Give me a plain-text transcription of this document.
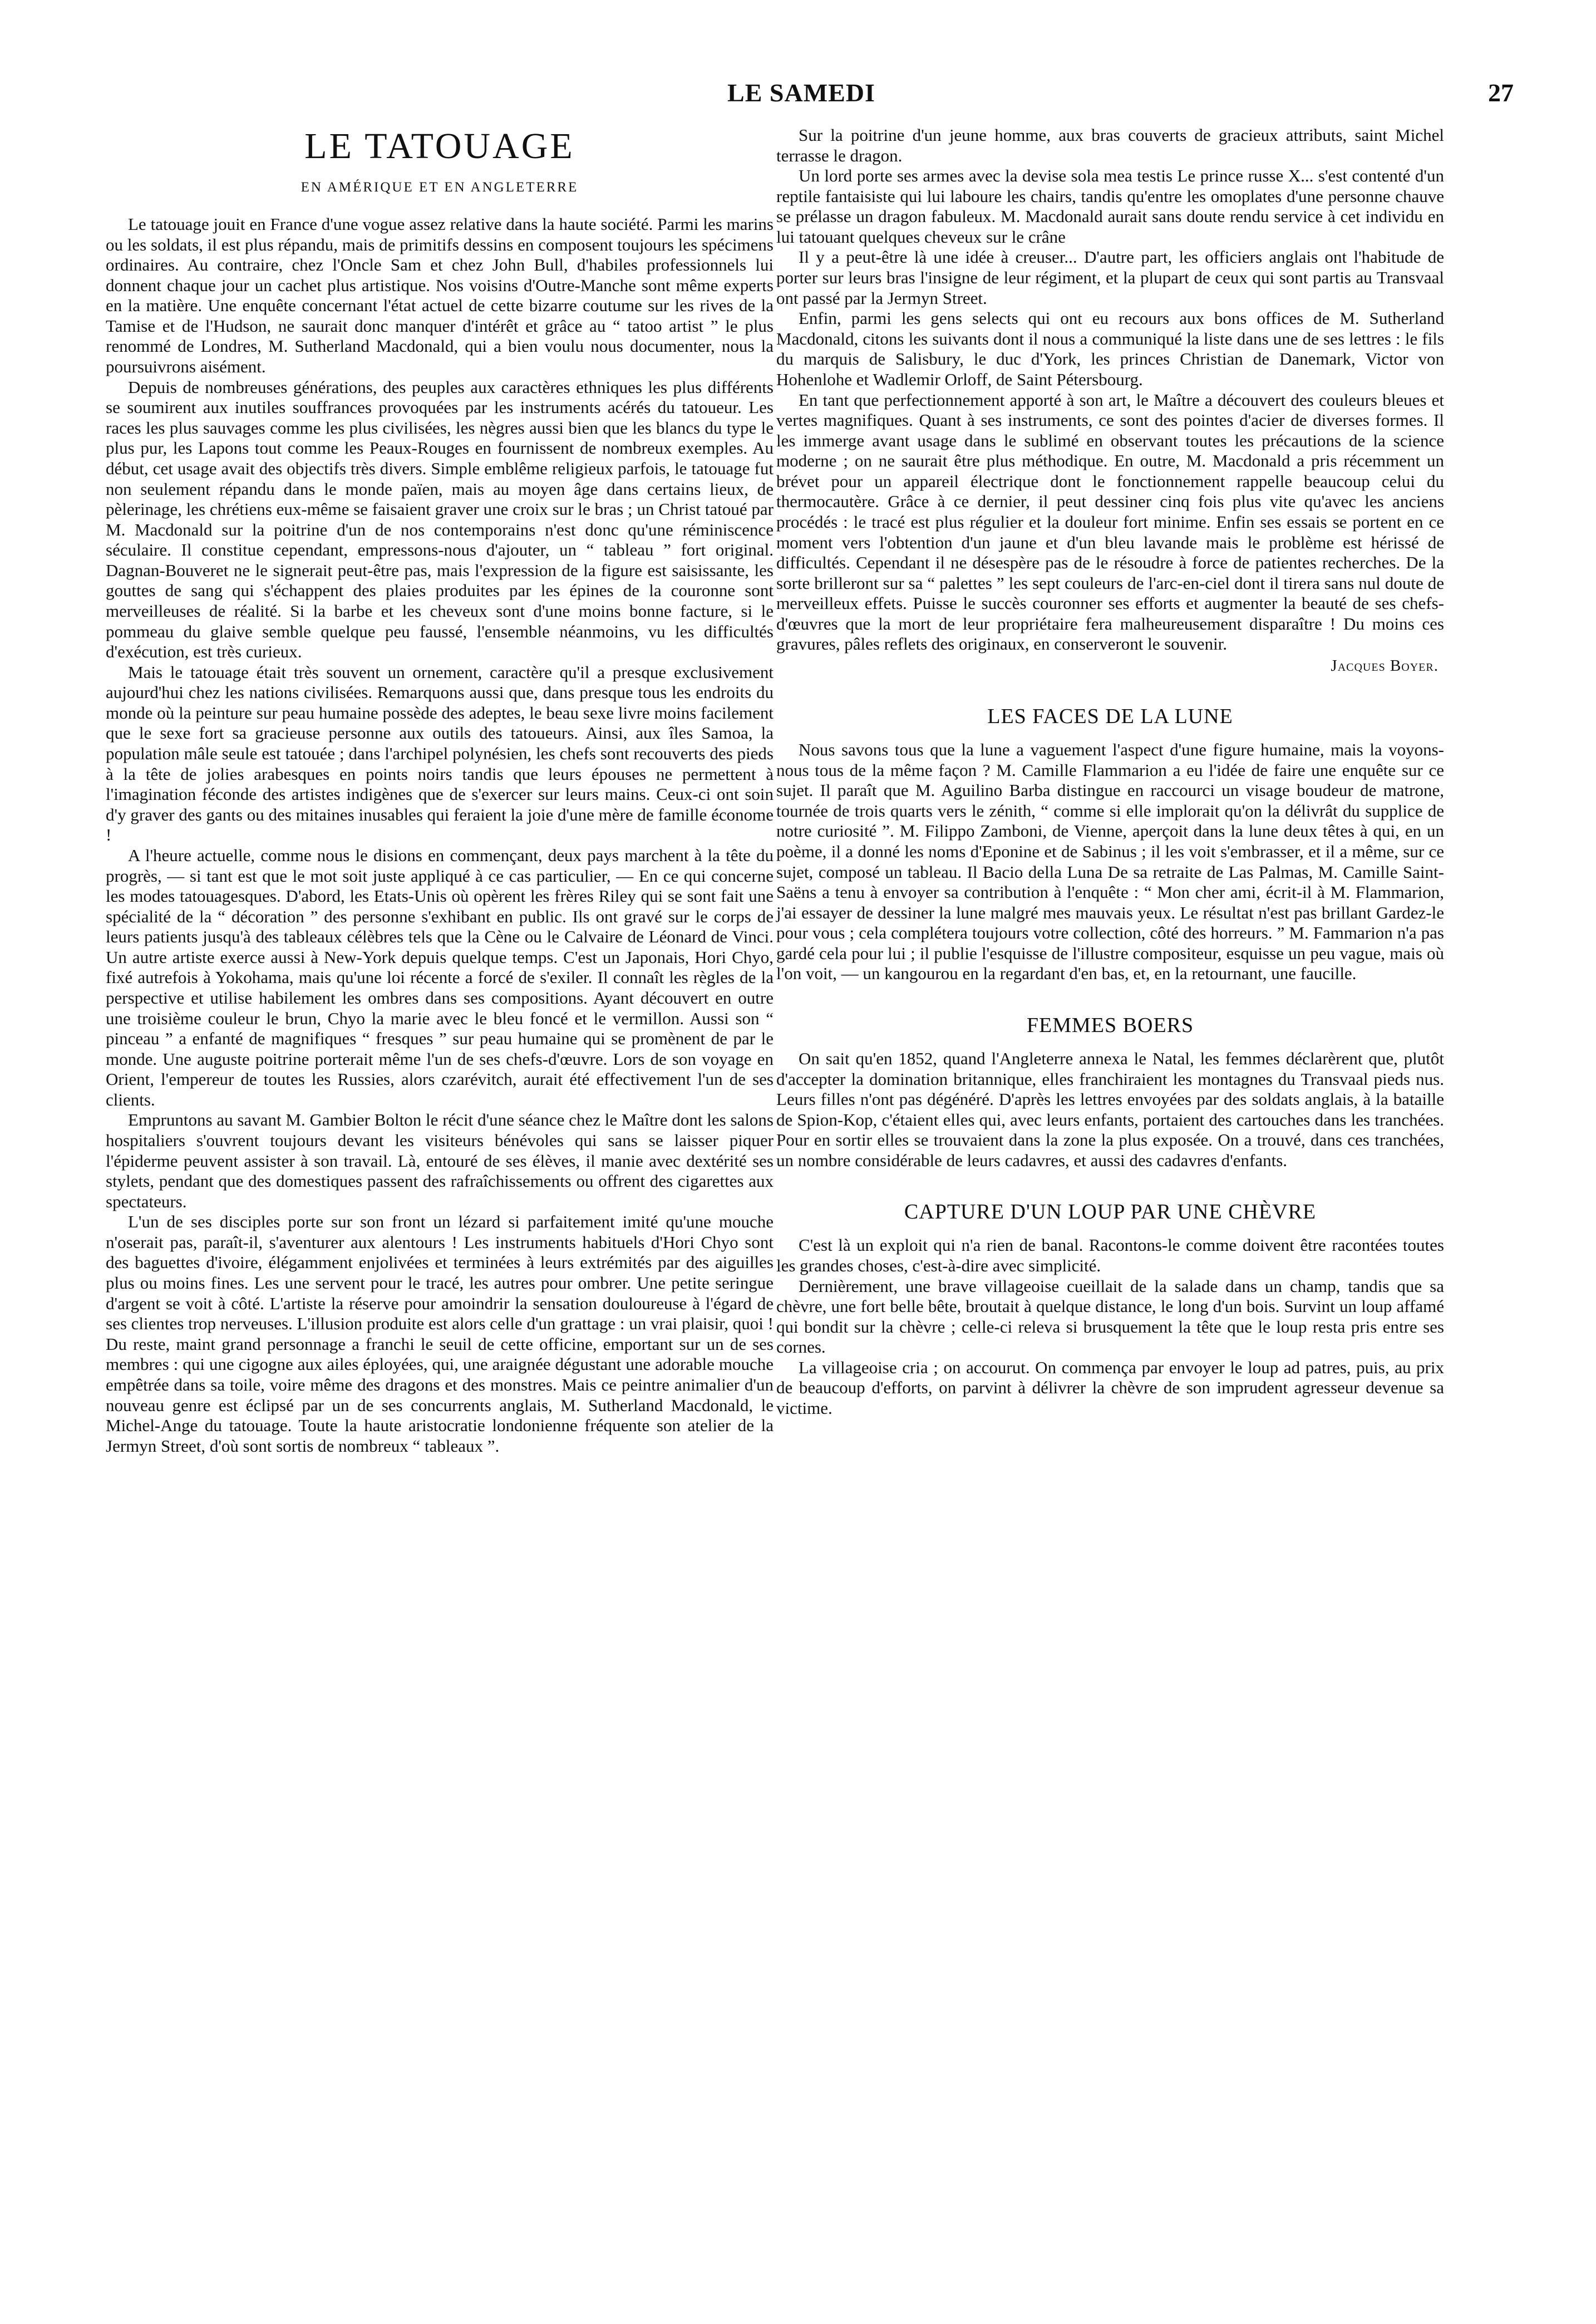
LE SAMEDI	27
LE TATOUAGE
EN AMÉRIQUE ET EN ANGLETERRE

Le tatouage jouit en France d'une vogue assez relative dans la haute société. Parmi les marins ou les soldats, il est plus répandu, mais de primitifs dessins en composent toujours les spécimens ordinaires. Au contraire, chez l'Oncle Sam et chez John Bull, d'habiles professionnels lui donnent chaque jour un cachet plus artistique. Nos voisins d'Outre-Manche sont même experts en la matière. Une enquête concernant l'état actuel de cette bizarre coutume sur les rives de la Tamise et de l'Hudson, ne saurait donc manquer d'intérêt et grâce au “ tatoo artist ” le plus renommé de Londres, M. Sutherland Macdonald, qui a bien voulu nous documenter, nous la poursuivrons aisément.

Depuis de nombreuses générations, des peuples aux caractères ethniques les plus différents se soumirent aux inutiles souffrances provoquées par les instruments acérés du tatoueur. Les races les plus sauvages comme les plus civilisées, les nègres aussi bien que les blancs du type le plus pur, les Lapons tout comme les Peaux-Rouges en fournissent de nombreux exemples. Au début, cet usage avait des objectifs très divers. Simple emblême religieux parfois, le tatouage fut non seulement répandu dans le monde païen, mais au moyen âge dans certains lieux, de pèlerinage, les chrétiens eux-même se faisaient graver une croix sur le bras ; un Christ tatoué par M. Macdonald sur la poitrine d'un de nos contemporains n'est donc qu'une réminiscence séculaire. Il constitue cependant, empressons-nous d'ajouter, un “ tableau ” fort original. Dagnan-Bouveret ne le signerait peut-être pas, mais l'expression de la figure est saisissante, les gouttes de sang qui s'échappent des plaies produites par les épines de la couronne sont merveilleuses de réalité. Si la barbe et les cheveux sont d'une moins bonne facture, si le pommeau du glaive semble quelque peu faussé, l'ensemble néanmoins, vu les difficultés d'exécution, est très curieux.

Mais le tatouage était très souvent un ornement, caractère qu'il a presque exclusivement aujourd'hui chez les nations civilisées. Remarquons aussi que, dans presque tous les endroits du monde où la peinture sur peau humaine possède des adeptes, le beau sexe livre moins facilement que le sexe fort sa gracieuse personne aux outils des tatoueurs. Ainsi, aux îles Samoa, la population mâle seule est tatouée ; dans l'archipel polynésien, les chefs sont recouverts des pieds à la tête de jolies arabesques en points noirs tandis que leurs épouses ne permettent à l'imagination féconde des artistes indigènes que de s'exercer sur leurs mains. Ceux-ci ont soin d'y graver des gants ou des mitaines inusables qui feraient la joie d'une mère de famille économe !

A l'heure actuelle, comme nous le disions en commençant, deux pays marchent à la tête du progrès, — si tant est que le mot soit juste appliqué à ce cas particulier, — En ce qui concerne les modes tatouagesques. D'abord, les Etats-Unis où opèrent les frères Riley qui se sont fait une spécialité de la “ décoration ” des personne s'exhibant en public. Ils ont gravé sur le corps de leurs patients jusqu'à des tableaux célèbres tels que la Cène ou le Calvaire de Léonard de Vinci. Un autre artiste exerce aussi à New-York depuis quelque temps. C'est un Japonais, Hori Chyo, fixé autrefois à Yokohama, mais qu'une loi récente a forcé de s'exiler. Il connaît les règles de la perspective et utilise habilement les ombres dans ses compositions. Ayant découvert en outre une troisième couleur le brun, Chyo la marie avec le bleu foncé et le vermillon. Aussi son “ pinceau ” a enfanté de magnifiques “ fresques ” sur peau humaine qui se promènent de par le monde. Une auguste poitrine porterait même l'un de ses chefs-d'œuvre. Lors de son voyage en Orient, l'empereur de toutes les Russies, alors czarévitch, aurait été effectivement l'un de ses clients.

Empruntons au savant M. Gambier Bolton le récit d'une séance chez le Maître dont les salons hospitaliers s'ouvrent toujours devant les visiteurs bénévoles qui sans se laisser piquer l'épiderme peuvent assister à son travail. Là, entouré de ses élèves, il manie avec dextérité ses stylets, pendant que des domestiques passent des rafraîchissements ou offrent des cigarettes aux spectateurs.

L'un de ses disciples porte sur son front un lézard si parfaitement imité qu'une mouche n'oserait pas, paraît-il, s'aventurer aux alentours ! Les instruments habituels d'Hori Chyo sont des baguettes d'ivoire, élégamment enjolivées et terminées à leurs extrémités par des aiguilles plus ou moins fines. Les une servent pour le tracé, les autres pour ombrer. Une petite seringue d'argent se voit à côté. L'artiste la réserve pour amoindrir la sensation douloureuse à l'égard de ses clientes trop nerveuses. L'illusion produite est alors celle d'un grattage : un vrai plaisir, quoi ! Du reste, maint grand personnage a franchi le seuil de cette officine, emportant sur un de ses membres : qui une cigogne aux ailes éployées, qui, une araignée dégustant une adorable mouche empêtrée dans sa toile, voire même des dragons et des monstres. Mais ce peintre animalier d'un nouveau genre est éclipsé par un de ses concurrents anglais, M. Sutherland Macdonald, le Michel-Ange du tatouage. Toute la haute aristocratie londonienne fréquente son atelier de la Jermyn Street, d'où sont sortis de nombreux “ tableaux ”.

Sur la poitrine d'un jeune homme, aux bras couverts de gracieux attributs, saint Michel terrasse le dragon.

Un lord porte ses armes avec la devise sola mea testis Le prince russe X... s'est contenté d'un reptile fantaisiste qui lui laboure les chairs, tandis qu'entre les omoplates d'une personne chauve se prélasse un dragon fabuleux. M. Macdonald aurait sans doute rendu service à cet individu en lui tatouant quelques cheveux sur le crâne

Il y a peut-être là une idée à creuser... D'autre part, les officiers anglais ont l'habitude de porter sur leurs bras l'insigne de leur régiment, et la plupart de ceux qui sont partis au Transvaal ont passé par la Jermyn Street.

Enfin, parmi les gens selects qui ont eu recours aux bons offices de M. Sutherland Macdonald, citons les suivants dont il nous a communiqué la liste dans une de ses lettres : le fils du marquis de Salisbury, le duc d'York, les princes Christian de Danemark, Victor von Hohenlohe et Wadlemir Orloff, de Saint Pétersbourg.

En tant que perfectionnement apporté à son art, le Maître a découvert des couleurs bleues et vertes magnifiques. Quant à ses instruments, ce sont des pointes d'acier de diverses formes. Il les immerge avant usage dans le sublimé en observant toutes les précautions de la science moderne ; on ne saurait être plus méthodique. En outre, M. Macdonald a pris récemment un brévet pour un appareil électrique dont le fonctionnement rappelle beaucoup celui du thermocautère. Grâce à ce dernier, il peut dessiner cinq fois plus vite qu'avec les anciens procédés : le tracé est plus régulier et la douleur fort minime. Enfin ses essais se portent en ce moment vers l'obtention d'un jaune et d'un bleu lavande mais le problème est hérissé de difficultés. Cependant il ne désespère pas de le résoudre à force de patientes recherches. De la sorte brilleront sur sa “ palettes ” les sept couleurs de l'arc-en-ciel dont il tirera sans nul doute de merveilleux effets. Puisse le succès couronner ses efforts et augmenter la beauté de ses chefs-d'œuvres que la mort de leur propriétaire fera malheureusement disparaître ! Du moins ces gravures, pâles reflets des originaux, en conserveront le souvenir.

Jacques Boyer.
LES FACES DE LA LUNE

Nous savons tous que la lune a vaguement l'aspect d'une figure humaine, mais la voyons-nous tous de la même façon ? M. Camille Flammarion a eu l'idée de faire une enquête sur ce sujet. Il paraît que M. Aguilino Barba distingue en raccourci un visage boudeur de matrone, tournée de trois quarts vers le zénith, “ comme si elle implorait qu'on la délivrât du supplice de notre curiosité ”. M. Filippo Zamboni, de Vienne, aperçoit dans la lune deux têtes à qui, en un poème, il a donné les noms d'Eponine et de Sabinus ; il les voit s'embrasser, et il a même, sur ce sujet, composé un tableau. Il Bacio della Luna De sa retraite de Las Palmas, M. Camille Saint-Saëns a tenu à envoyer sa contribution à l'enquête : “ Mon cher ami, écrit-il à M. Flammarion, j'ai essayer de dessiner la lune malgré mes mauvais yeux. Le résultat n'est pas brillant Gardez-le pour vous ; cela complétera toujours votre collection, côté des horreurs. ” M. Fammarion n'a pas gardé cela pour lui ; il publie l'esquisse de l'illustre compositeur, esquisse un peu vague, mais où l'on voit, — un kangourou en la regardant d'en bas, et, en la retournant, une faucille.

FEMMES BOERS

On sait qu'en 1852, quand l'Angleterre annexa le Natal, les femmes déclarèrent que, plutôt d'accepter la domination britannique, elles franchiraient les montagnes du Transvaal pieds nus. Leurs filles n'ont pas dégénéré. D'après les lettres envoyées par des soldats anglais, à la bataille de Spion-Kop, c'étaient elles qui, avec leurs enfants, portaient des cartouches dans les tranchées. Pour en sortir elles se trouvaient dans la zone la plus exposée. On a trouvé, dans ces tranchées, un nombre considérable de leurs cadavres, et aussi des cadavres d'enfants.

CAPTURE D'UN LOUP PAR UNE CHÈVRE

C'est là un exploit qui n'a rien de banal. Racontons-le comme doivent être racontées toutes les grandes choses, c'est-à-dire avec simplicité.

Dernièrement, une brave villageoise cueillait de la salade dans un champ, tandis que sa chèvre, une fort belle bête, broutait à quelque distance, le long d'un bois. Survint un loup affamé qui bondit sur la chèvre ; celle-ci releva si brusquement la tête que le loup resta pris entre ses cornes.

La villageoise cria ; on accourut. On commença par envoyer le loup ad patres, puis, au prix de beaucoup d'efforts, on parvint à délivrer la chèvre de son imprudent agresseur devenue sa victime.
